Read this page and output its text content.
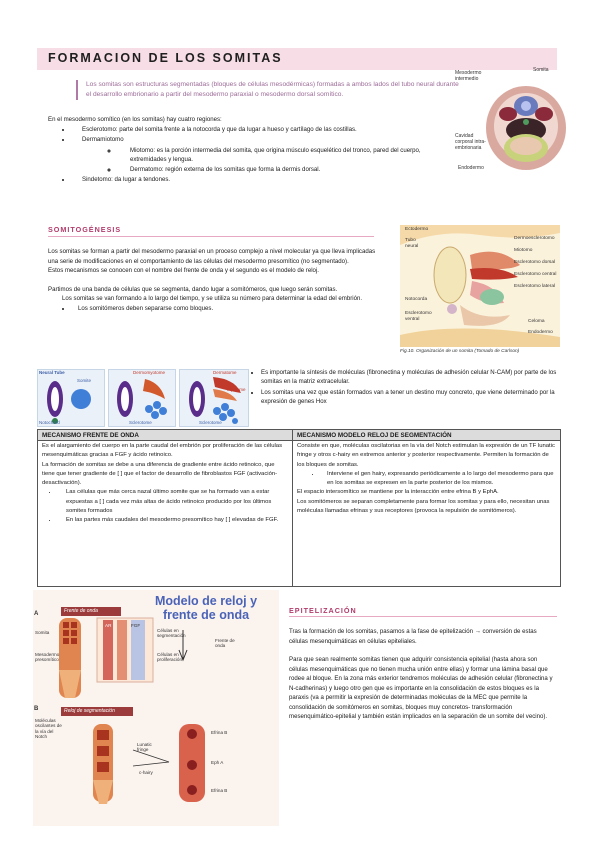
FORMACION DE LOS SOMITAS
Los somitas son estructuras segmentadas (bloques de células mesodérmicas) formadas a ambos lados del tubo neural durante el desarrollo embrionario a partir del mesodermo paraxial o mesodermo dorsal somítico.
Mesodermo intermedio
Somita
Cavidad corporal intra-embrionaria
Endodermo
En el mesodermo somítico (en los somitas) hay cuatro regiones:
• Esclerotomo: parte del somita frente a la notocorda y que da lugar a hueso y cartílago de las costillas.
• Dermamiotomo
◦ Miotomo: es la porción intermedia del somita, que origina músculo esquelético del tronco, pared del cuerpo, extremidades y lengua.
◦ Dermatomo: región externa de los somitas que forma la dermis dorsal.
• Sindetomo: da lugar a tendones.
SOMITOGÉNESIS
Los somitas se forman a partir del mesodermo paraxial en un proceso complejo a nivel molecular ya que lleva implicadas una serie de modificaciones en el comportamiento de las células del mesodermo presomítico (no segmentado).
Estos mecanismos se conocen con el nombre del frente de onda y el segundo es el modelo de reloj.
Partimos de una banda de células que se segmenta, dando lugar a somitómeros, que luego serán somitas.
Los somitas se van formando a lo largo del tiempo, y se utiliza su número para determinar la edad del embrión.
• Los somitómeros deben separarse como bloques.
Ectodermo
Tubo neural
Dermoesclerotomo
Miotomo
Esclerotomo dorsal
Esclerotomo central
Esclerotomo lateral
Notocorda
Esclerotomo ventral	Celoma
Endodermo
Fig.10. Organización de un somita (Tomado de Carlson)
Neural Tube
Somite
Notochord
Dermomyotome
Sclerotome
Dermatome
Myotome
Sclerotome
• Es importante la síntesis de moléculas (fibronectina y moléculas de adhesión celular N-CAM) por parte de los somitas en la matriz extracelular.
• Los somitas una vez que están formados van a tener un destino muy concreto, que viene determinado por la expresión de genes Hox
MECANISMO FRENTE DE ONDA	MECANISMO MODELO RELOJ DE SEGMENTACIÓN
Es el alargamiento del cuerpo en la parte caudal del embrión por proliferación de las células mesenquimáticas gracias a FGF y ácido retinoico.
La formación de somitas se debe a una diferencia de gradiente entre ácido retinoico, que tiene que tener gradiente de [ ] que el factor de desarrollo de fibroblastos FGF (activación-desactivación).
• Las células que más cerca nazal último somite que se ha formado van a estar expuestas a [ ] cada vez más altas de ácido retinoico producido por los últimos somites formados
• En las partes más caudales del mesodermo presomítico hay [ ] elevadas de FGF.
Consiste en que, moléculas oscilatorias en la vía del Notch estimulan la expresión de un TF lunatic fringe y otros c-hairy en extremos anterior y posterior respectivamente. Permiten la formación de los bloques de somitas.
• Interviene el gen hairy, expresando periódicamente a lo largo del mesodermo para que en los somitas se expresen en la parte posterior de los mismos.
El espacio intersomítico se mantiene por la interacción entre efrina B y EphA.
Los somitómeros se separan completamente para formar los somitas y para ello, necesitan unas moléculas llamadas efrinas y sus receptores (provoca la repulsión de somitómeros).
Modelo de reloj y frente de onda
A
B
Frente de onda
Reloj de segmentación
Somita
Mesodermo presomítico
Células en segmentación
Células en proliferación
Frente de onda
Moléculas oscilantes de la vía del Notch
Lunatic fringe
c-hairy
Efrina B
Eph A
Efrina B
AR	FGF
EPITELIZACIÓN
Tras la formación de los somitas, pasamos a la fase de epitelización → conversión de estas células mesenquimáticas en células epiteliales.
Para que sean realmente somitas tienen que adquirir consistencia epitelial (hasta ahora son células mesenquimáticas que no tienen mucha unión entre ellas) y formar una lámina basal que rodee al bloque. En la zona más exterior tendremos moléculas de adhesión celular (fibronectina y N-cadherinas) y luego otro gen que es importante en la consolidación de estos bloques es la paraxis (va a permitir la expresión de determinadas moléculas de la MEC que permite la consolidación de somitómeros en somitas, bloques muy concretos- transformación mesenquimático-epitelial y también están implicados en la separación de un somite del vecino).
